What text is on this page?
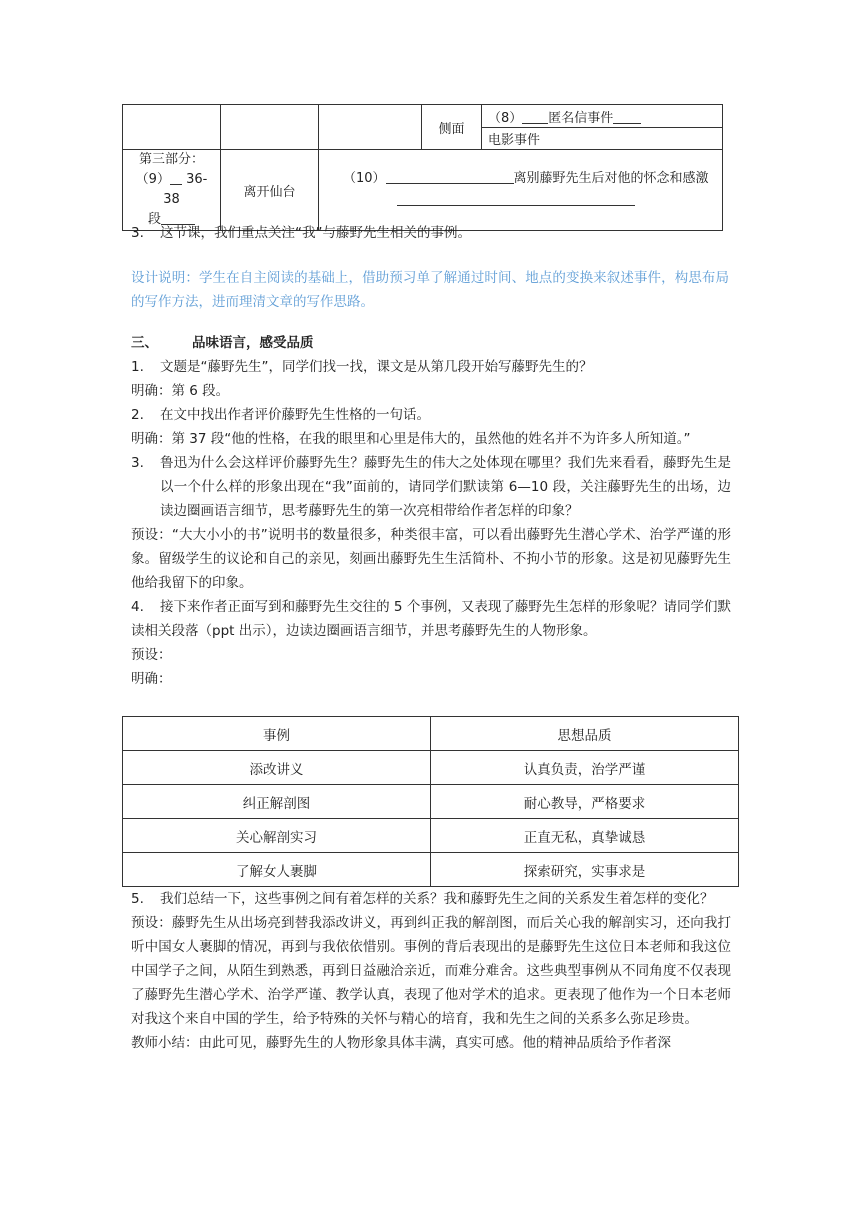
			侧面	（8） 匿名信事件
				电影事件

第三部分：
（9） 36-38
段	离开仙台	（10） 离别藤野先生后对他的怀念和感激		

3. 这节课，我们重点关注“我”与藤野先生相关的事例。

设计说明：学生在自主阅读的基础上，借助预习单了解通过时间、地点的变换来叙述事件，构思布局的写作方法，进而理清文章的写作思路。

三、	品味语言，感受品质

1. 文题是“藤野先生”，同学们找一找，课文是从第几段开始写藤野先生的？

明确：第 6 段。

2. 在文中找出作者评价藤野先生性格的一句话。

明确：第 37 段“他的性格，在我的眼里和心里是伟大的，虽然他的姓名并不为许多人所知道。”

3.	鲁迅为什么会这样评价藤野先生？藤野先生的伟大之处体现在哪里？我们先来看看，藤野先生是以一个什么样的形象出现在“我”面前的，请同学们默读第 6—10 段，关注藤野先生的出场，边读边圈画语言细节，思考藤野先生的第一次亮相带给作者怎样的印象？

预设：“大大小小的书”说明书的数量很多，种类很丰富，可以看出藤野先生潜心学术、治学严谨的形象。留级学生的议论和自己的亲见，刻画出藤野先生生活简朴、不拘小节的形象。这是初见藤野先生他给我留下的印象。

4. 接下来作者正面写到和藤野先生交往的 5 个事例，又表现了藤野先生怎样的形象呢？请同学们默读相关段落（ppt 出示），边读边圈画语言细节，并思考藤野先生的人物形象。

预设：

明确：

事例	思想品质
添改讲义	认真负责，治学严谨
纠正解剖图	耐心教导，严格要求
关心解剖实习	正直无私，真挚诚恳
了解女人裹脚	探索研究，实事求是

5. 我们总结一下，这些事例之间有着怎样的关系？我和藤野先生之间的关系发生着怎样的变化？

预设：藤野先生从出场亮到替我添改讲义，再到纠正我的解剖图，而后关心我的解剖实习，还向我打听中国女人裹脚的情况，再到与我依依惜别。事例的背后表现出的是藤野先生这位日本老师和我这位中国学子之间，从陌生到熟悉，再到日益融洽亲近，而难分难舍。这些典型事例从不同角度不仅表现了藤野先生潜心学术、治学严谨、教学认真，表现了他对学术的追求。更表现了他作为一个日本老师对我这个来自中国的学生，给予特殊的关怀与精心的培育，我和先生之间的关系多么弥足珍贵。

教师小结：由此可见，藤野先生的人物形象具体丰满，真实可感。他的精神品质给予作者深
